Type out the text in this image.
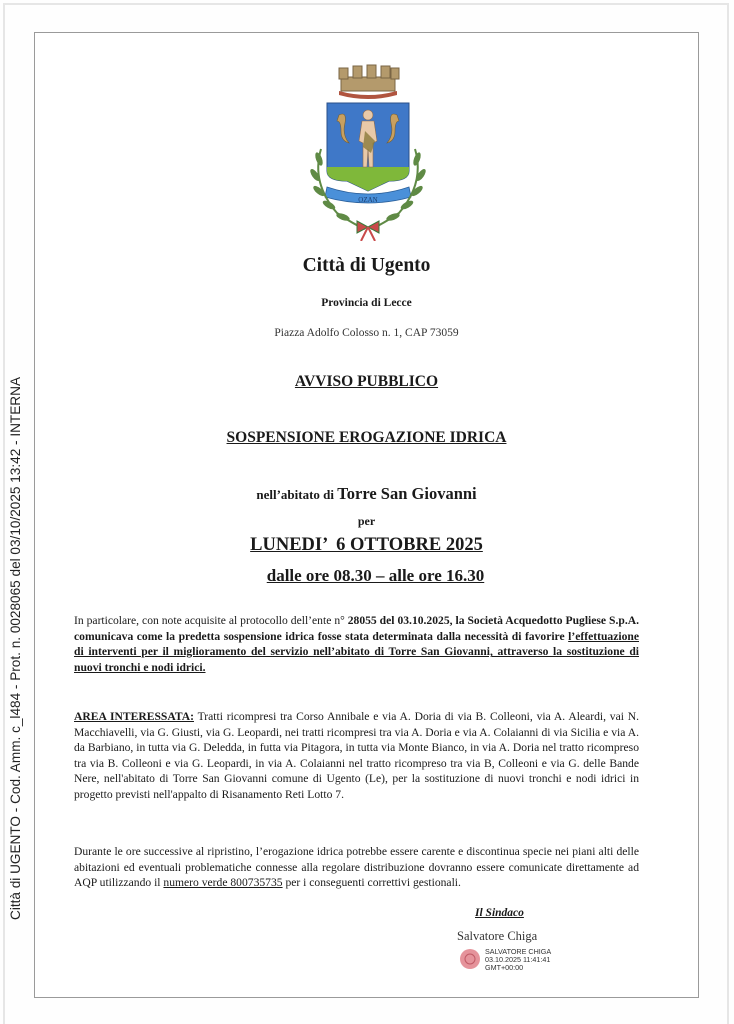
Città di UGENTO - Cod. Amm. c_l484 - Prot. n. 0028065 del 03/10/2025 13:42 - INTERNA
OZAN
Città di Ugento
Provincia di Lecce
Piazza Adolfo Colosso n. 1, CAP 73059
AVVISO PUBBLICO
SOSPENSIONE EROGAZIONE IDRICA
nell’abitato di Torre San Giovanni
per
LUNEDI’  6 OTTOBRE 2025
dalle ore 08.30 – alle ore 16.30
In particolare, con note acquisite al protocollo dell’ente n° 28055 del 03.10.2025, la Società Acquedotto Pugliese S.p.A. comunicava come la predetta sospensione idrica fosse stata determinata dalla necessità di favorire l’effettuazione di interventi per il miglioramento del servizio nell’abitato di Torre San Giovanni, attraverso la sostituzione di nuovi tronchi e nodi idrici.
AREA INTERESSATA: Tratti ricompresi tra Corso Annibale e via A. Doria di via B. Colleoni, via A. Aleardi, vai N. Macchiavelli, via G. Giusti, via G. Leopardi, nei tratti ricompresi tra via A. Doria e via A. Colaianni di via Sicilia e via A. da Barbiano, in tutta via G. Deledda, in futta via Pitagora, in tutta via Monte Bianco, in via A. Doria nel tratto ricompreso tra via B. Colleoni e via G. Leopardi, in via A. Colaianni nel tratto ricompreso tra via B, Colleoni e via G. delle Bande Nere, nell'abitato di Torre San Giovanni comune di Ugento (Le), per la sostituzione di nuovi tronchi e nodi idrici in progetto previsti nell'appalto di Risanamento Reti Lotto 7.
Durante le ore successive al ripristino, l’erogazione idrica potrebbe essere carente e discontinua specie nei piani alti delle abitazioni ed eventuali problematiche connesse alla regolare distribuzione dovranno essere comunicate direttamente ad AQP utilizzando il numero verde 800735735 per i conseguenti correttivi gestionali.
Il Sindaco
Salvatore Chiga
SALVATORE CHIGA
03.10.2025 11:41:41
GMT+00:00
